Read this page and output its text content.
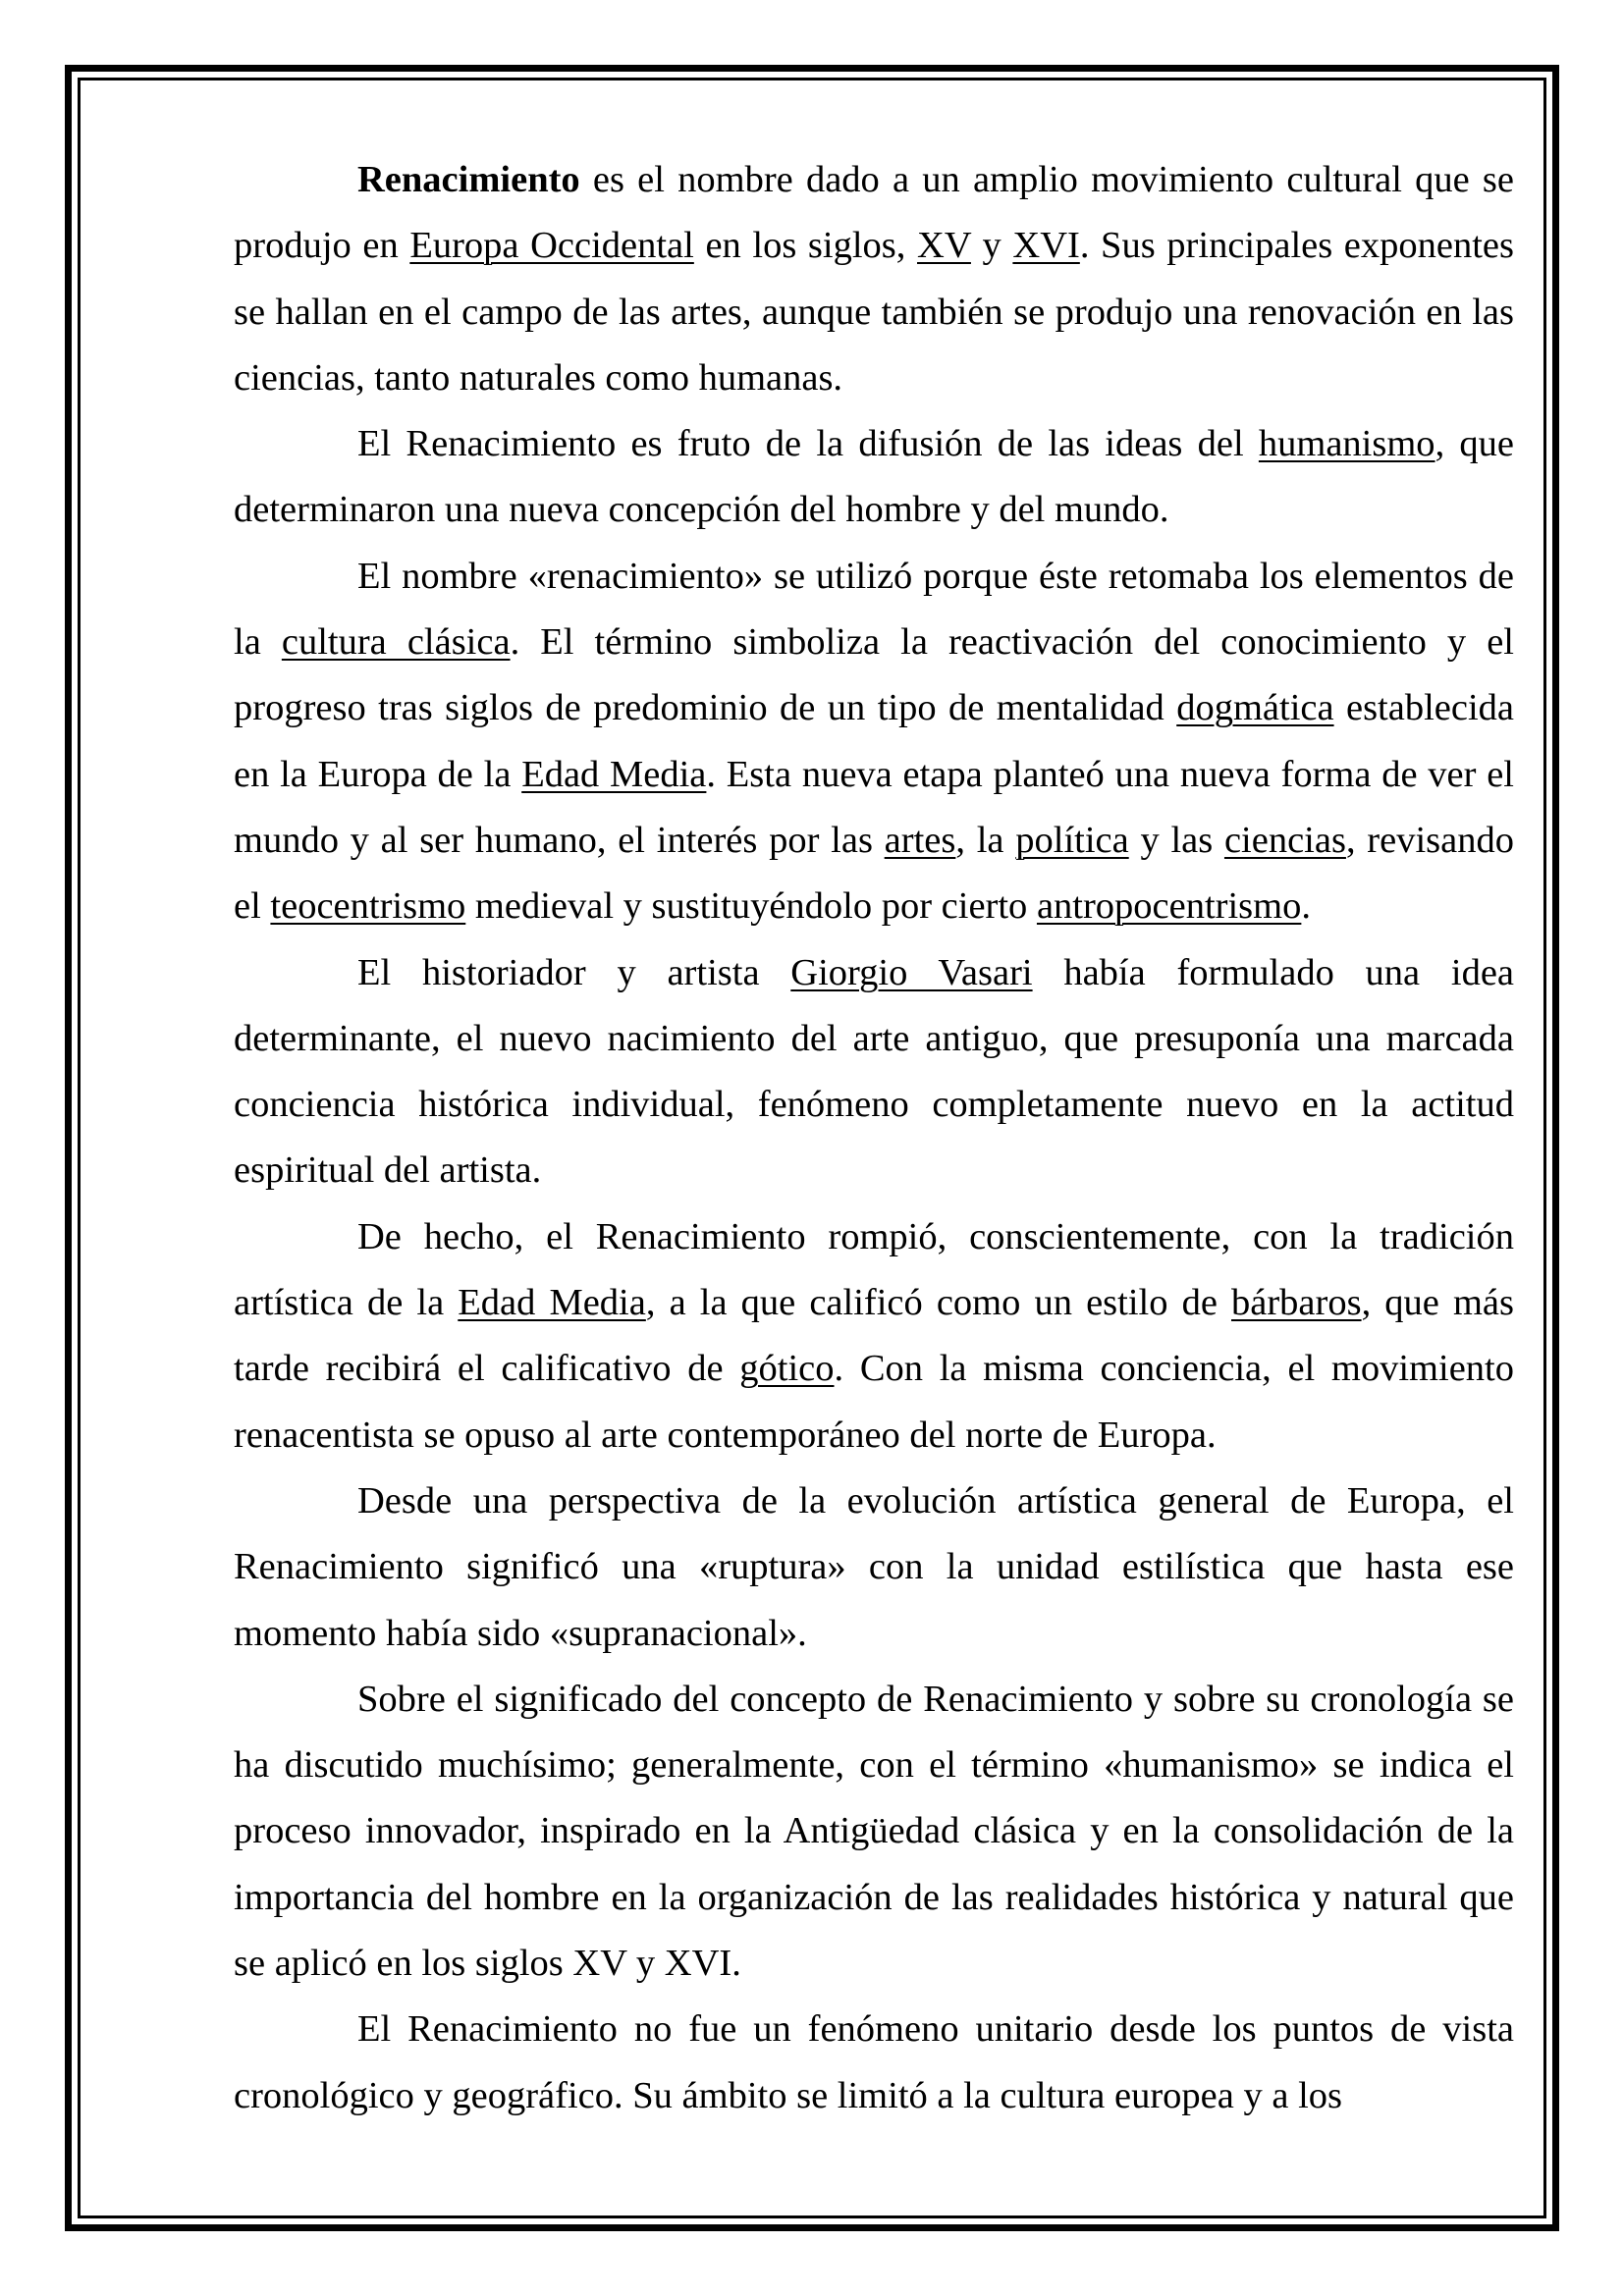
Renacimiento es el nombre dado a un amplio movimiento cultural que se produjo en Europa Occidental en los siglos, XV y XVI. Sus principales exponentes se hallan en el campo de las artes, aunque también se produjo una renovación en las ciencias, tanto naturales como humanas.

El Renacimiento es fruto de la difusión de las ideas del humanismo, que determinaron una nueva concepción del hombre y del mundo.

El nombre «renacimiento» se utilizó porque éste retomaba los elementos de la cultura clásica. El término simboliza la reactivación del conocimiento y el progreso tras siglos de predominio de un tipo de mentalidad dogmática establecida en la Europa de la Edad Media. Esta nueva etapa planteó una nueva forma de ver el mundo y al ser humano, el interés por las artes, la política y las ciencias, revisando el teocentrismo medieval y sustituyéndolo por cierto antropocentrismo.

El historiador y artista Giorgio Vasari había formulado una idea determinante, el nuevo nacimiento del arte antiguo, que presuponía una marcada conciencia histórica individual, fenómeno completamente nuevo en la actitud espiritual del artista.

De hecho, el Renacimiento rompió, conscientemente, con la tradición artística de la Edad Media, a la que calificó como un estilo de bárbaros, que más tarde recibirá el calificativo de gótico. Con la misma conciencia, el movimiento renacentista se opuso al arte contemporáneo del norte de Europa.

Desde una perspectiva de la evolución artística general de Europa, el Renacimiento significó una «ruptura» con la unidad estilística que hasta ese momento había sido «supranacional».

Sobre el significado del concepto de Renacimiento y sobre su cronología se ha discutido muchísimo; generalmente, con el término «humanismo» se indica el proceso innovador, inspirado en la Antigüedad clásica y en la consolidación de la importancia del hombre en la organización de las realidades histórica y natural que se aplicó en los siglos XV y XVI.

El Renacimiento no fue un fenómeno unitario desde los puntos de vista cronológico y geográfico. Su ámbito se limitó a la cultura europea y a los
